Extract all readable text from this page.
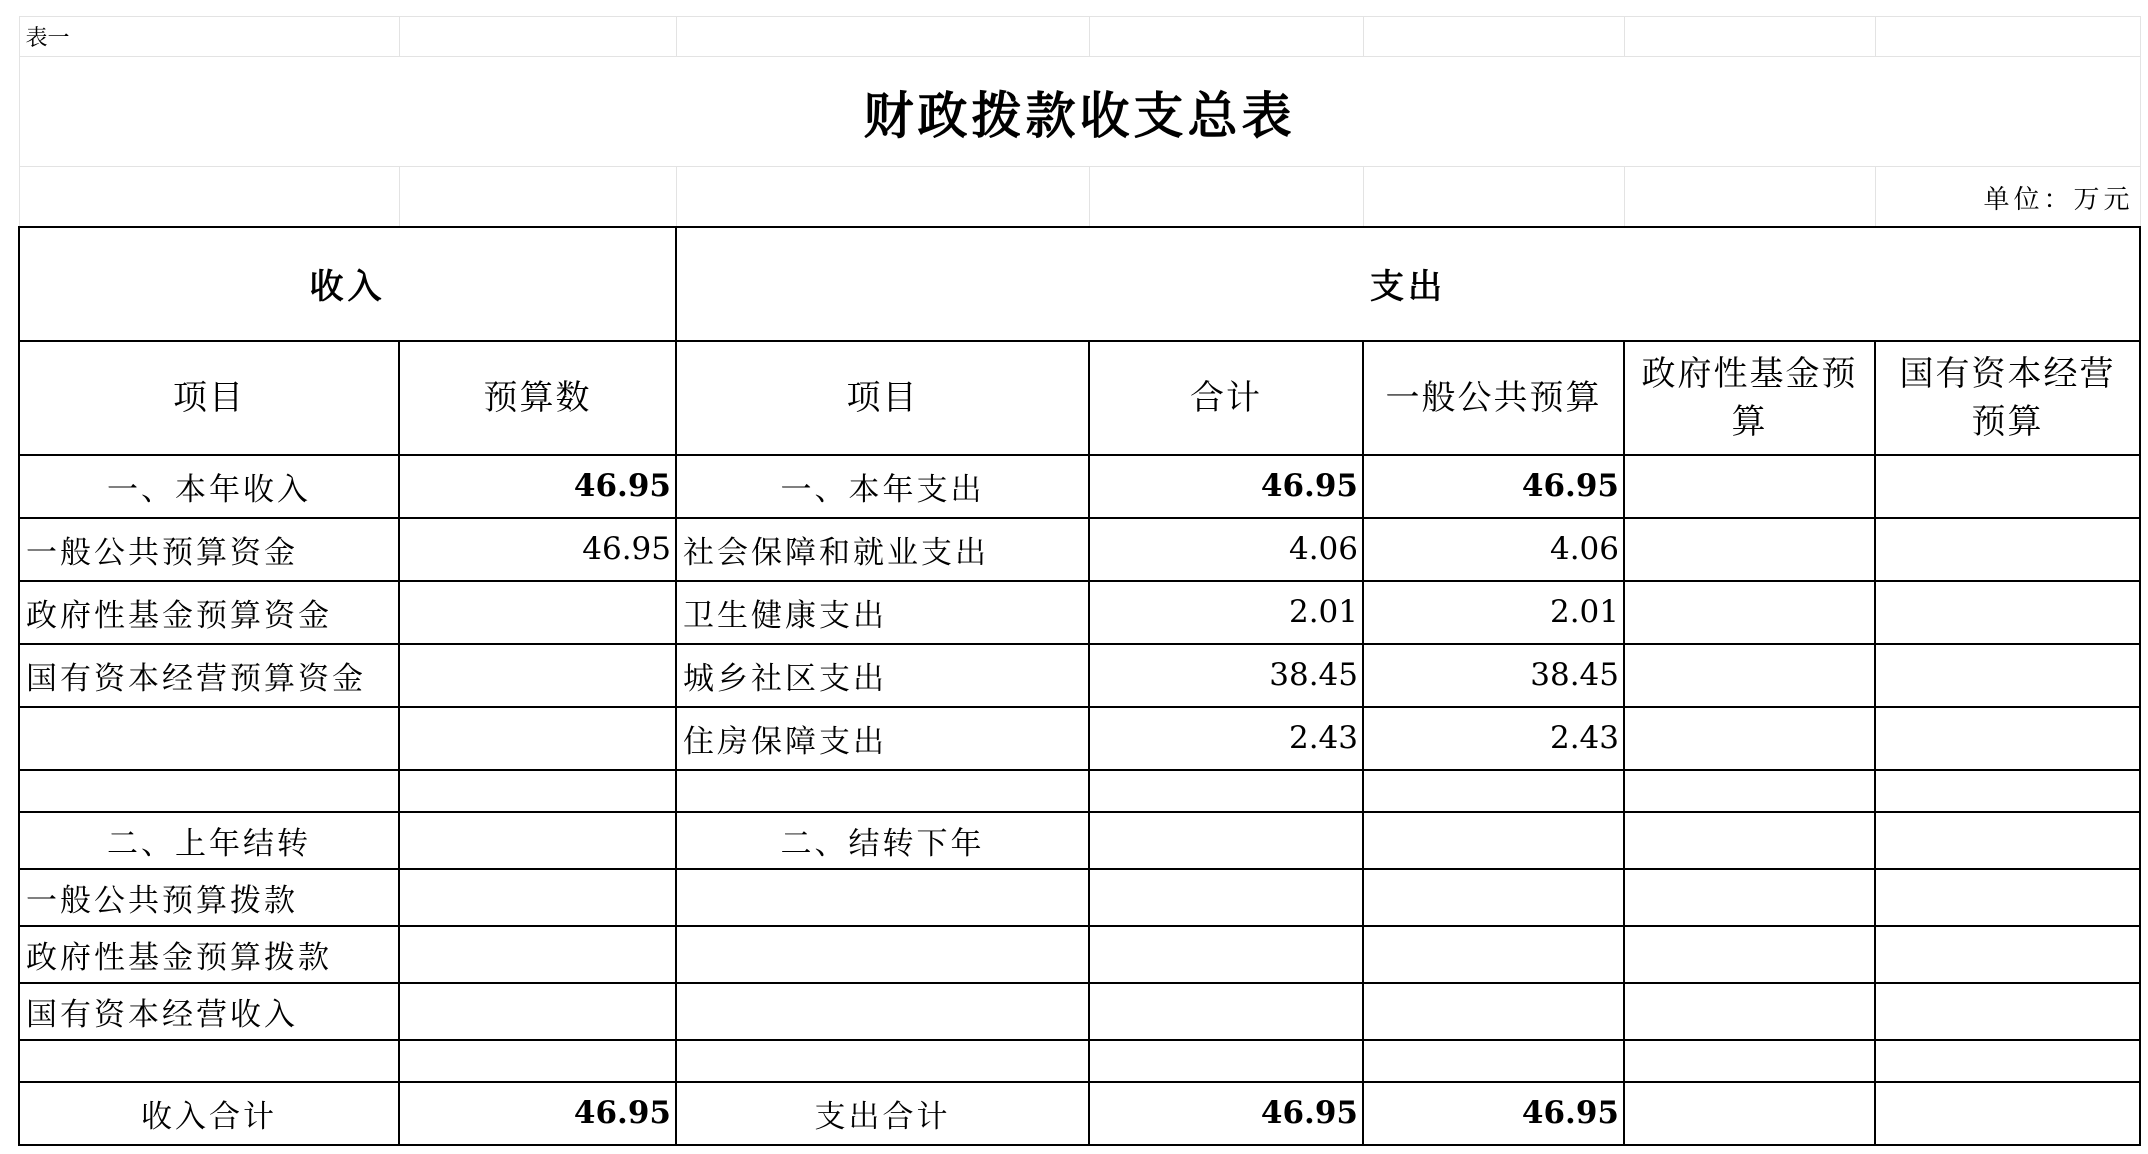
表一						
财政拨款收支总表						
						单位：万元
收入		支出				
项目	预算数	项目	合计	一般公共预算	政府性基金预算	国有资本经营预算
一、本年收入	46.95	一、本年支出	46.95	46.95		
一般公共预算资金	46.95	社会保障和就业支出	4.06	4.06		
政府性基金预算资金		卫生健康支出	2.01	2.01		
国有资本经营预算资金		城乡社区支出	38.45	38.45		
		住房保障支出	2.43	2.43		

二、上年结转		二、结转下年				
一般公共预算拨款						
政府性基金预算拨款						
国有资本经营收入						

收入合计	46.95	支出合计	46.95	46.95		
